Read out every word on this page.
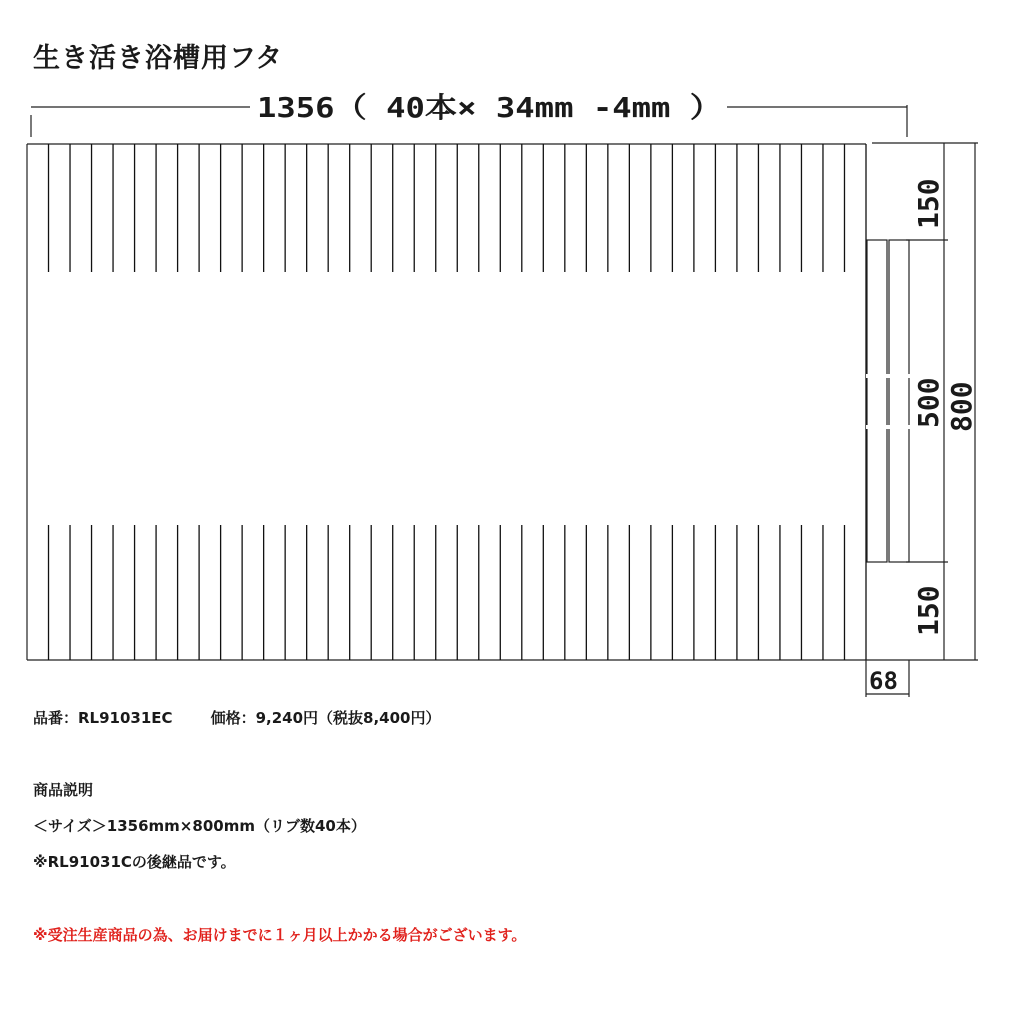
生き活き浴槽用フタ
1356（ 40本× 34mm -4mm ）
150
500
150
800
68

品番：RL91031EC	価格：9,240円（税抜8,400円）

商品説明

＜サイズ＞1356mm×800mm（リブ数40本）

※RL91031Cの後継品です。

※受注生産商品の為、お届けまでに１ヶ月以上かかる場合がございます。
